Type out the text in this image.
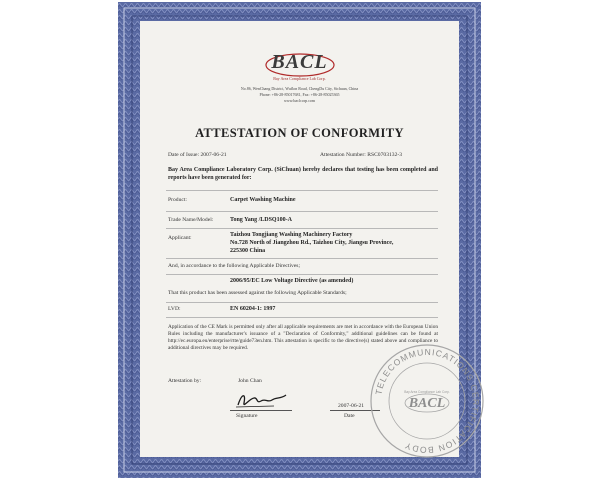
BACL
Bay Area Compliance Lab Corp.
No.86, WenChang District, Wuflon Road, ChengDu City, Sichuan, China
Phone: +86-28-85017681, Fax: +86-28-85025365
www.baclcorp.com
ATTESTATION OF CONFORMITY
Date of Issue: 2007-06-21	Attestation Number: RSC0703132-3
Bay Area Compliance Laboratory Corp. (SiChuan) hereby declares that testing has been completed and reports have been generated for:
Product:	Carpet Washing Machine
Trade Name/Model:	Tong Yang /LDSQ100-A
Applicant:	Taizhou Tongjiang Washing Machinery Factory
No.728 North of Jiangzhou Rd., Taizhou City, Jiangsu Province,
225300 China
And, in accordance to the following Applicable Directives;
2006/95/EC Low Voltage Directive (as amended)
That this product has been assessed against the following Applicable Standards;
LVD:	EN 60204-1: 1997
Application of the CE Mark is permitted only after all applicable requirements are met in accordance with the European Union Rules including the manufacturer's issuance of a "Declaration of Conformity," additional guidelines can be found at http://ec.europa.eu/enterprise/rtte/guide73en.htm. This attestation is specific to the directive(s) stated above and compliance to additional directives may be required.
Attestation by:	John Chan
Signature
2007-06-21
Date
TELECOMMUNICATIONS CERTIFICATION BODY
BACL
Bay Area Compliance Lab Corp.
